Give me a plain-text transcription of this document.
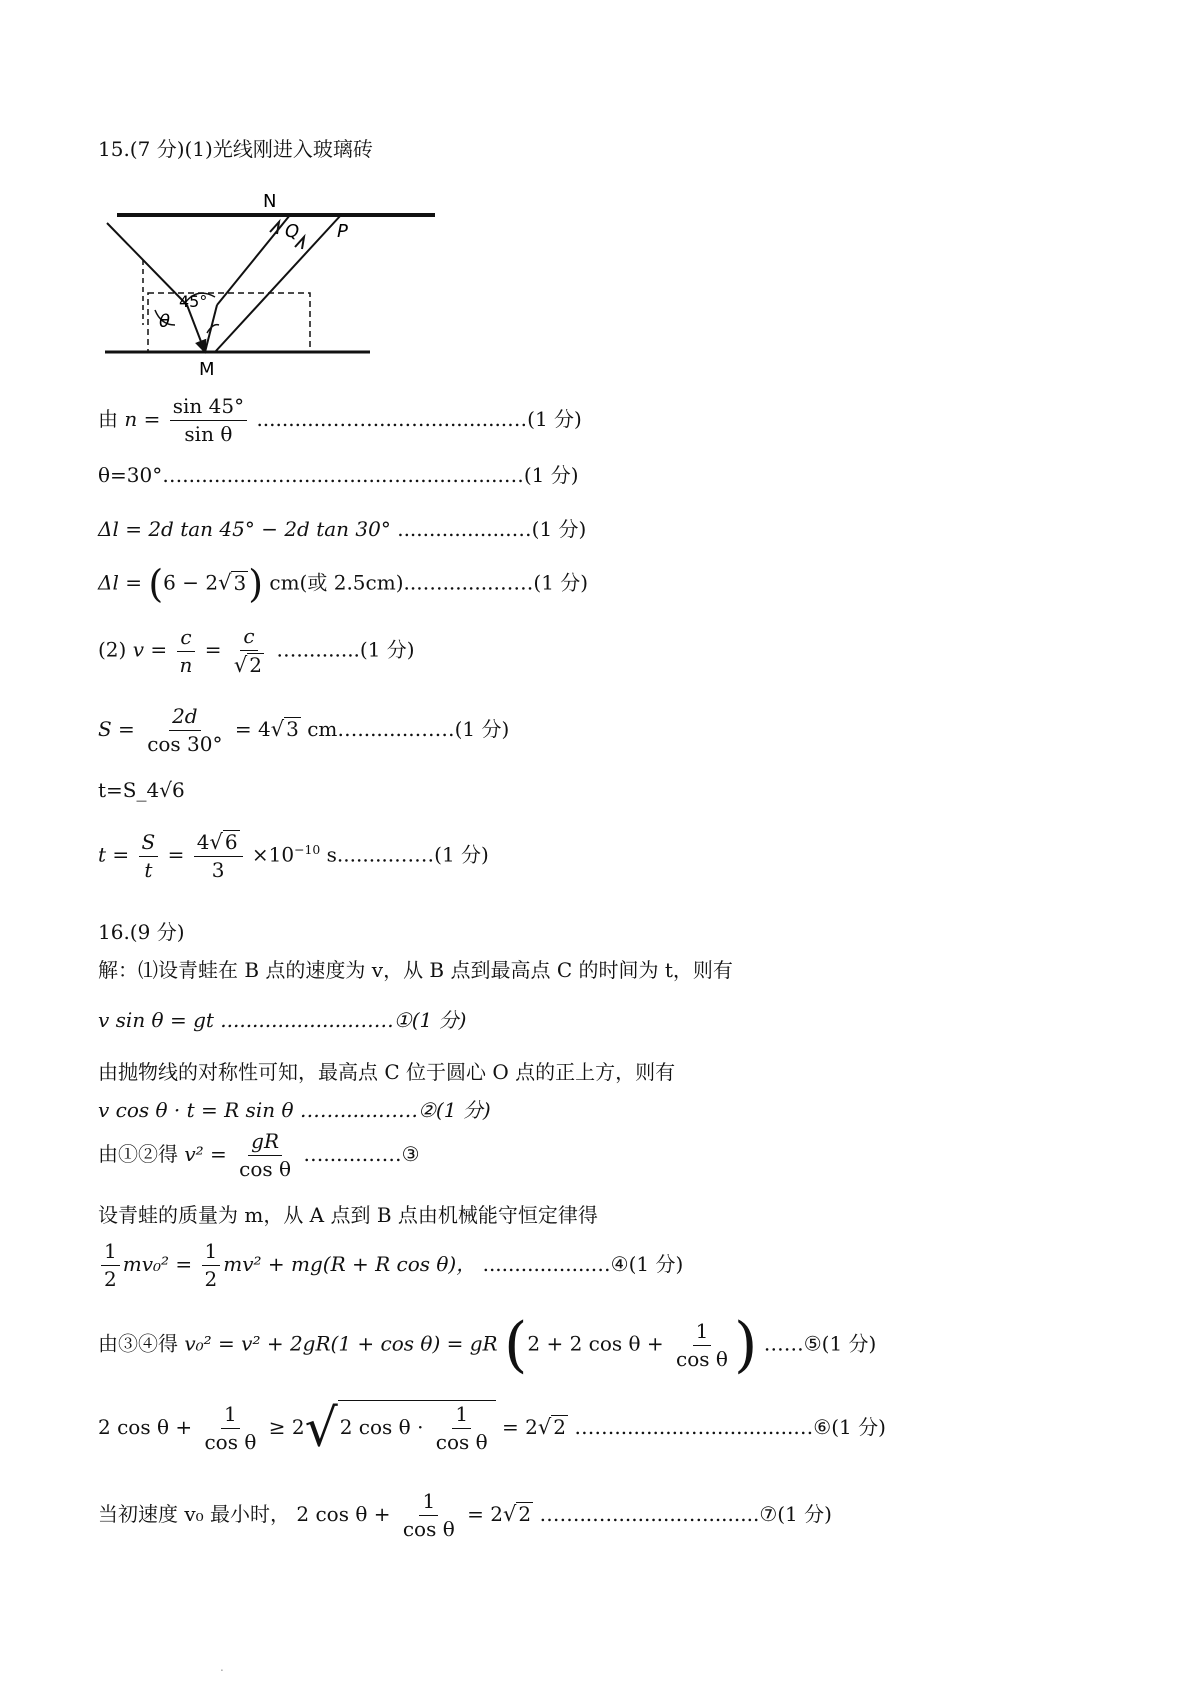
15.(7 分)(1)光线刚进入玻璃砖
N
Q P
45°
θ
M
由 $n = \frac{\sin 45^\circ}{\text{sin θ}}$ ............…….....….............…(1 分)
θ=30°…..............…......…......…......…......…(1 分)
Δl = 2d tan 45° − 2d tan 30° ..................…(1 分)
Δl = (6 − 2√ 3) cm(或 2.5cm)...…........……(1 分)
(2) $v = \frac{c}{n} = \frac{c}{√ 2}$ …..........(1 分)
$S = \frac{2d}{\cos 30^\circ} = 4√$ 3 cm….........……(1 分)
t=S_4√6
$t = \frac{S}{t} = \frac{4√ 6}{3} \times 10^{-10}$ s.........……(1 分)
16.(9 分)
解：⑴设青蛙在 B 点的速度为 v，从 B 点到最高点 C 的时间为 t，则有
v sin θ = gt .....................……①(1 分)
由抛物线的对称性可知，最高点 C 位于圆心 O 点的正上方，则有
v cos θ · t = R sin θ ……......……②(1 分)
由①②得 $v^2 = \frac{gR}{\text{cos θ}}$ …......……③
设青蛙的质量为 m，从 A 点到 B 点由机械能守恒定律得
$\frac{1}{2} mv_0^2 = \frac{1}{2} mv^2 + mg(R + R$ cos θ)， .................…④(1 分)
由③④得 v₀² = v² + 2gR(1 + cos θ) = gR (2 + 2 $\cos \theta + \frac{1}{\text{cos θ}}$ ) ……⑤(1 分)
2 $\cos \theta + \frac{1}{\text{cos θ}} \ge 2√$ 2 $\cos \theta \cdot \frac{1}{\text{cos θ}} = 2√$ 2 ……...........…..............…⑥(1 分)
当初速度 v₀ 最小时， 2 $\cos \theta + \frac{1}{\text{cos θ}} = 2√$ 2 ……..…...........….........⑦(1 分)
.
